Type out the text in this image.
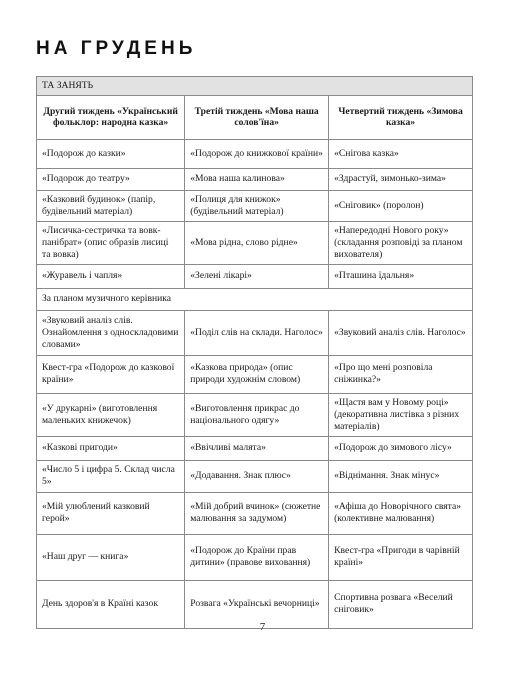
НА ГРУДЕНЬ
ТА ЗАНЯТЬ		
Другий тиждень «Український фольклор: народна казка»	Третій тиждень «Мова наша солов'їна»	Четвертий тиждень «Зимова казка»
«Подорож до казки»	«Подорож до книжкової країни»	«Снігова казка»
«Подорож до театру»	«Мова наша калинова»	«Здрастуй, зимонько-зима»
«Казковий будинок» (папір, будівельний матеріал)	«Полиця для книжок» (будівельний матеріал)	«Сніговик» (поролон)
«Лисичка-сестричка та вовк-панібрат» (опис образів лисиці та вовка)	«Мова рідна, слово рідне»	«Напередодні Нового року» (складання розповіді за планом вихователя)
«Журавель і чапля»	«Зелені лікарі»	«Пташина їдальня»
За планом музичного керівника		
«Звуковий аналіз слів. Ознайомлення з односкладовими словами»	«Поділ слів на склади. Наголос»	«Звуковий аналіз слів. Наголос»
Квест-гра «Подорож до казкової країни»	«Казкова природа» (опис природи художнім словом)	«Про що мені розповіла сніжинка?»
«У друкарні» (виготовлення маленьких книжечок)	«Виготовлення прикрас до національного одягу»	«Щастя вам у Новому році» (декоративна листівка з різних матеріалів)
«Казкові пригоди»	«Ввічливі малята»	«Подорож до зимового лісу»
«Число 5 і цифра 5. Склад числа 5»	«Додавання. Знак плюс»	«Віднімання. Знак мінус»
«Мій улюблений казковий герой»	«Мій добрий вчинок» (сюжетне малювання за задумом)	«Афіша до Новорічного свята» (колективне малювання)
«Наш друг — книга»	«Подорож до Країни прав дитини» (правове виховання)	Квест-гра «Пригоди в чарівній країні»
День здоров'я в Країні казок	Розвага «Українські вечорниці»	Спортивна розвага «Веселий сніговик»
7
